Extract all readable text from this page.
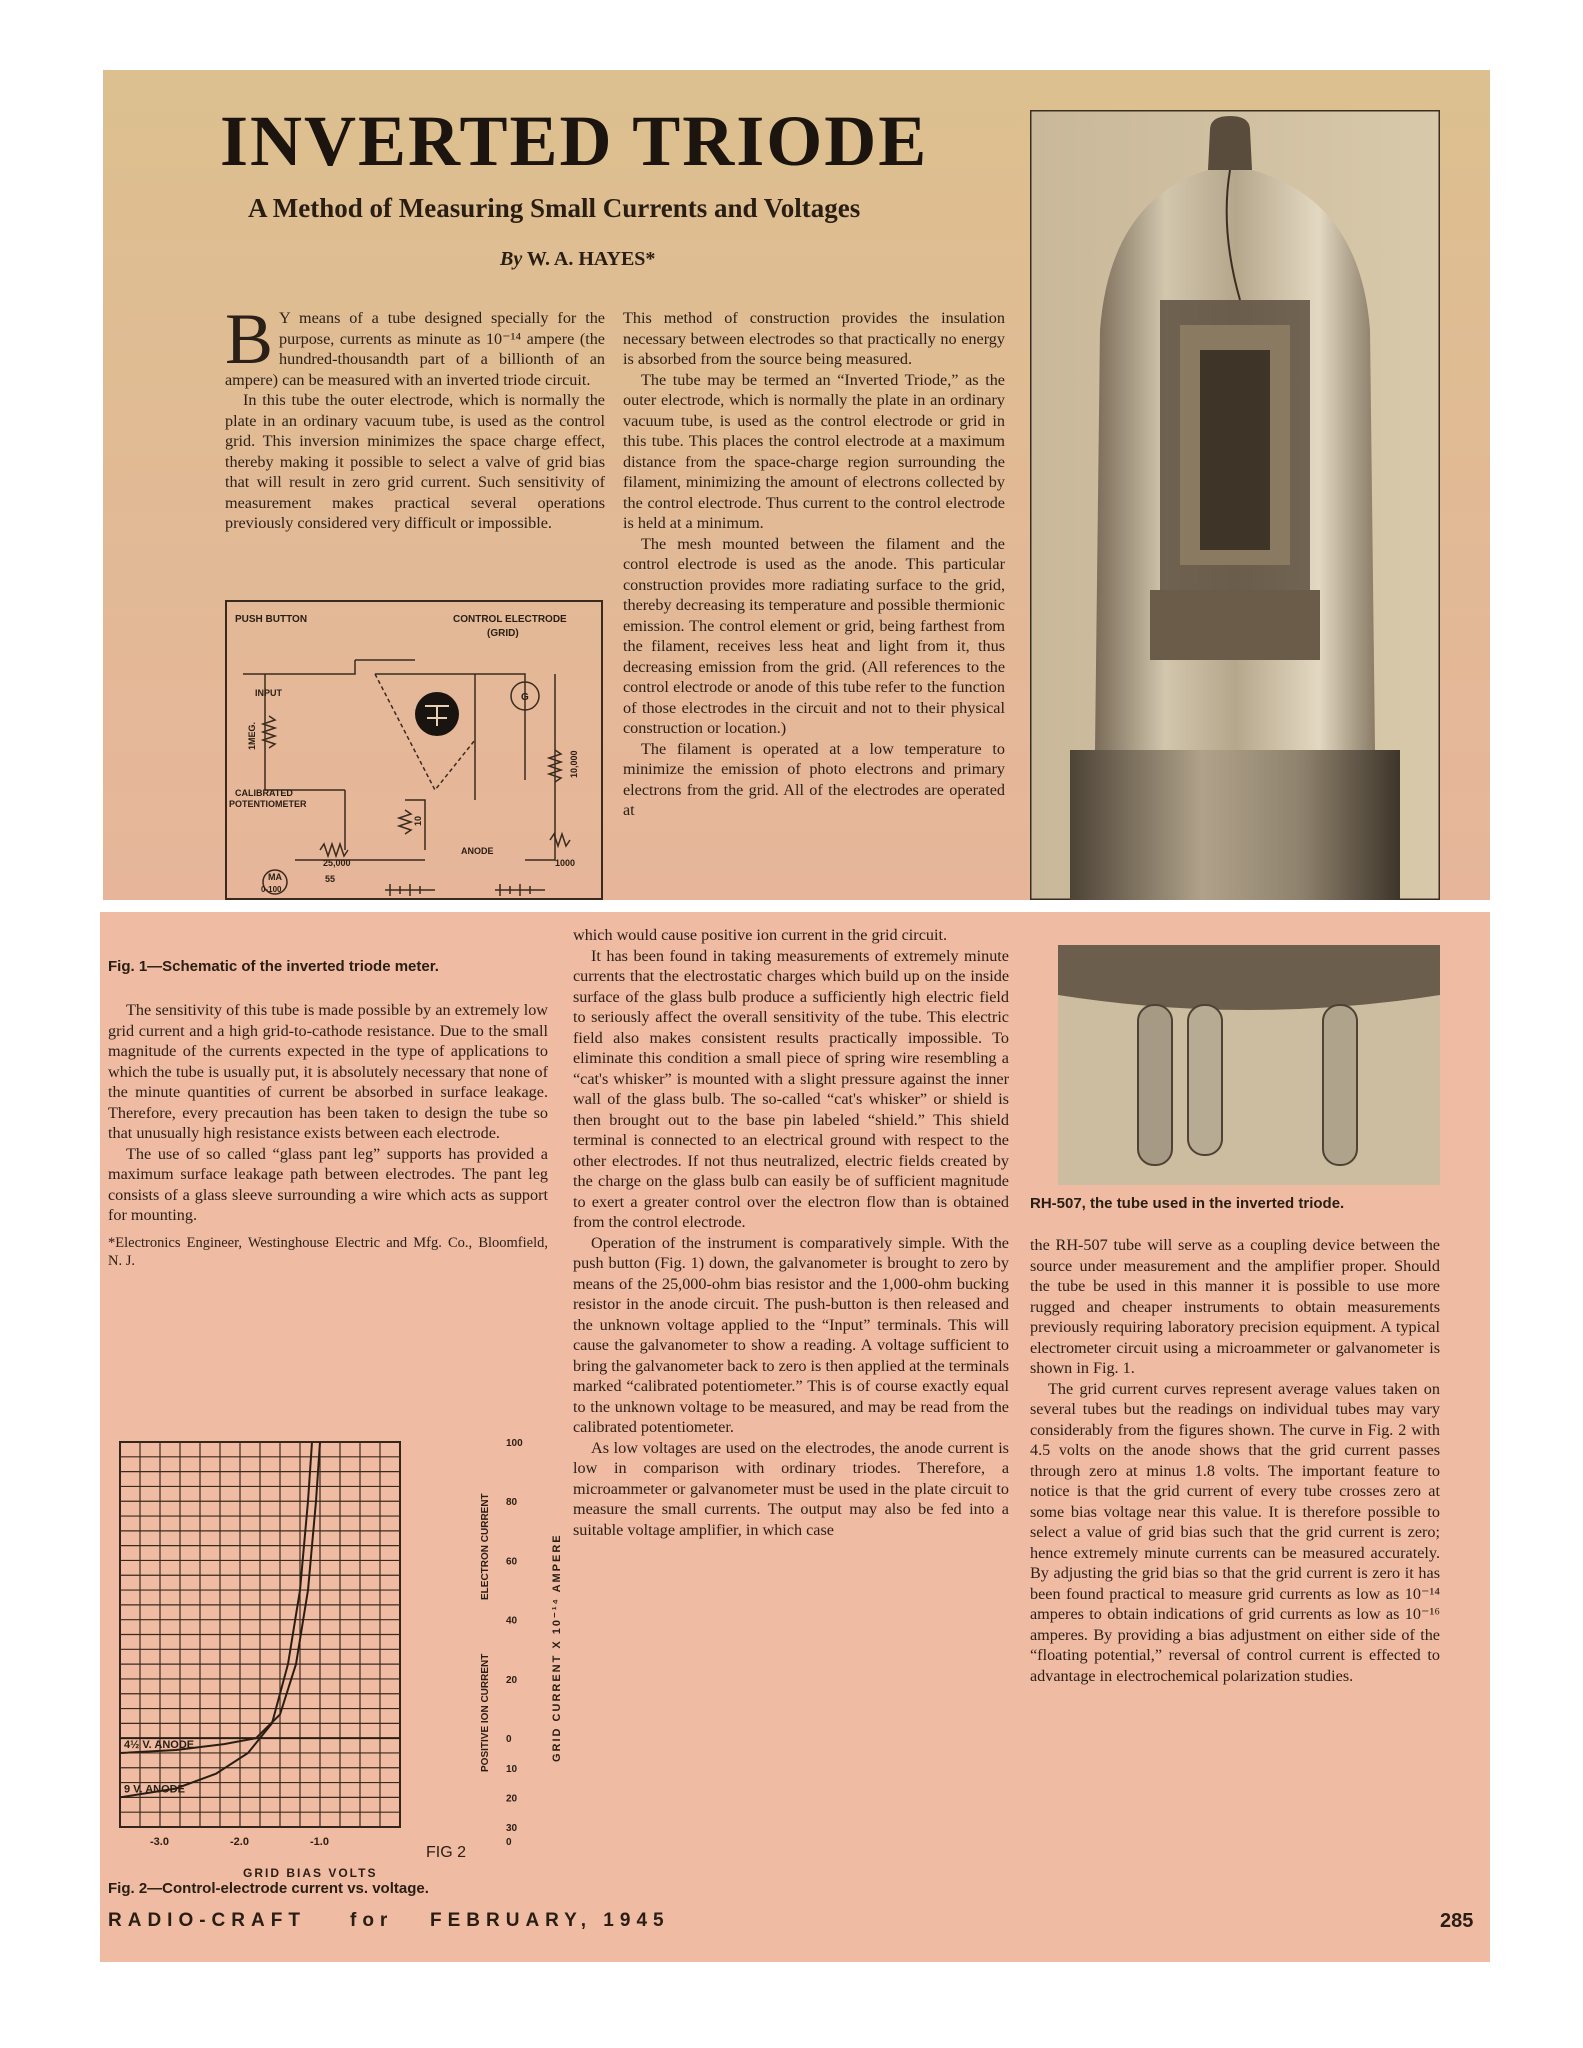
INVERTED TRIODE
A Method of Measuring Small Currents and Voltages
By W. A. HAYES*

B Y means of a tube designed specially for the purpose, currents as minute as 10⁻¹⁴ ampere (the hundred-thousandth part of a billionth of an ampere) can be measured with an inverted triode circuit.

In this tube the outer electrode, which is normally the plate in an ordinary vacuum tube, is used as the control grid. This inversion minimizes the space charge effect, thereby making it possible to select a valve of grid bias that will result in zero grid current. Such sensitivity of measurement makes practical several operations previously considered very difficult or impossible.

PUSH BUTTON	CONTROL ELECTRODE
(GRID)
INPUT
1MEG.
CALIBRATED
POTENTIOMETER
G
10,000
10
ANODE
25,000	1000
55
MA
0-100

This method of construction provides the insulation necessary between electrodes so that practically no energy is absorbed from the source being measured.

The tube may be termed an “Inverted Triode,” as the outer electrode, which is normally the plate in an ordinary vacuum tube, is used as the control electrode or grid in this tube. This places the control electrode at a maximum distance from the space-charge region surrounding the filament, minimizing the amount of electrons collected by the control electrode. Thus current to the control electrode is held at a minimum.

The mesh mounted between the filament and the control electrode is used as the anode. This particular construction provides more radiating surface to the grid, thereby decreasing its temperature and possible thermionic emission. The control element or grid, being farthest from the filament, receives less heat and light from it, thus decreasing emission from the grid. (All references to the control electrode or anode of this tube refer to the function of those electrodes in the circuit and not to their physical construction or location.)

The filament is operated at a low temperature to minimize the emission of photo electrons and primary electrons from the grid. All of the electrodes are operated at

Fig. 1—Schematic of the inverted triode meter.

The sensitivity of this tube is made possible by an extremely low grid current and a high grid-to-cathode resistance. Due to the small magnitude of the currents expected in the type of applications to which the tube is usually put, it is absolutely necessary that none of the minute quantities of current be absorbed in surface leakage. Therefore, every precaution has been taken to design the tube so that unusually high resistance exists between each electrode.

The use of so called “glass pant leg” supports has provided a maximum surface leakage path between electrodes. The pant leg consists of a glass sleeve surrounding a wire which acts as support for mounting.

*Electronics Engineer, Westinghouse Electric and Mfg. Co., Bloomfield, N. J.

4½ V. ANODE
9 V. ANODE
-3.0	-2.0	-1.0
100
80
60
40
20
0
10
20
30
0
GRID BIAS VOLTS
FIG 2
GRID CURRENT X 10⁻¹⁴ AMPERE
ELECTRON CURRENT
POSITIVE ION CURRENT
Fig. 2—Control-electrode current vs. voltage.

which would cause positive ion current in the grid circuit.

It has been found in taking measurements of extremely minute currents that the electrostatic charges which build up on the inside surface of the glass bulb produce a sufficiently high electric field to seriously affect the overall sensitivity of the tube. This electric field also makes consistent results practically impossible. To eliminate this condition a small piece of spring wire resembling a “cat's whisker” is mounted with a slight pressure against the inner wall of the glass bulb. The so-called “cat's whisker” or shield is then brought out to the base pin labeled “shield.” This shield terminal is connected to an electrical ground with respect to the other electrodes. If not thus neutralized, electric fields created by the charge on the glass bulb can easily be of sufficient magnitude to exert a greater control over the electron flow than is obtained from the control electrode.

Operation of the instrument is comparatively simple. With the push button (Fig. 1) down, the galvanometer is brought to zero by means of the 25,000-ohm bias resistor and the 1,000-ohm bucking resistor in the anode circuit. The push-button is then released and the unknown voltage applied to the “Input” terminals. This will cause the galvanometer to show a reading. A voltage sufficient to bring the galvanometer back to zero is then applied at the terminals marked “calibrated potentiometer.” This is of course exactly equal to the unknown voltage to be measured, and may be read from the calibrated potentiometer.

As low voltages are used on the electrodes, the anode current is low in comparison with ordinary triodes. Therefore, a microammeter or galvanometer must be used in the plate circuit to measure the small currents. The output may also be fed into a suitable voltage amplifier, in which case

RH-507, the tube used in the inverted triode.

the RH-507 tube will serve as a coupling device between the source under measurement and the amplifier proper. Should the tube be used in this manner it is possible to use more rugged and cheaper instruments to obtain measurements previously requiring laboratory precision equipment. A typical electrometer circuit using a microammeter or galvanometer is shown in Fig. 1.

The grid current curves represent average values taken on several tubes but the readings on individual tubes may vary considerably from the figures shown. The curve in Fig. 2 with 4.5 volts on the anode shows that the grid current passes through zero at minus 1.8 volts. The important feature to notice is that the grid current of every tube crosses zero at some bias voltage near this value. It is therefore possible to select a value of grid bias such that the grid current is zero; hence extremely minute currents can be measured accurately. By adjusting the grid bias so that the grid current is zero it has been found practical to measure grid currents as low as 10⁻¹⁴ amperes to obtain indications of grid currents as low as 10⁻¹⁶ amperes. By providing a bias adjustment on either side of the “floating potential,” reversal of control current is effected to advantage in electrochemical polarization studies.

RADIO-CRAFT for FEBRUARY, 1945	285
